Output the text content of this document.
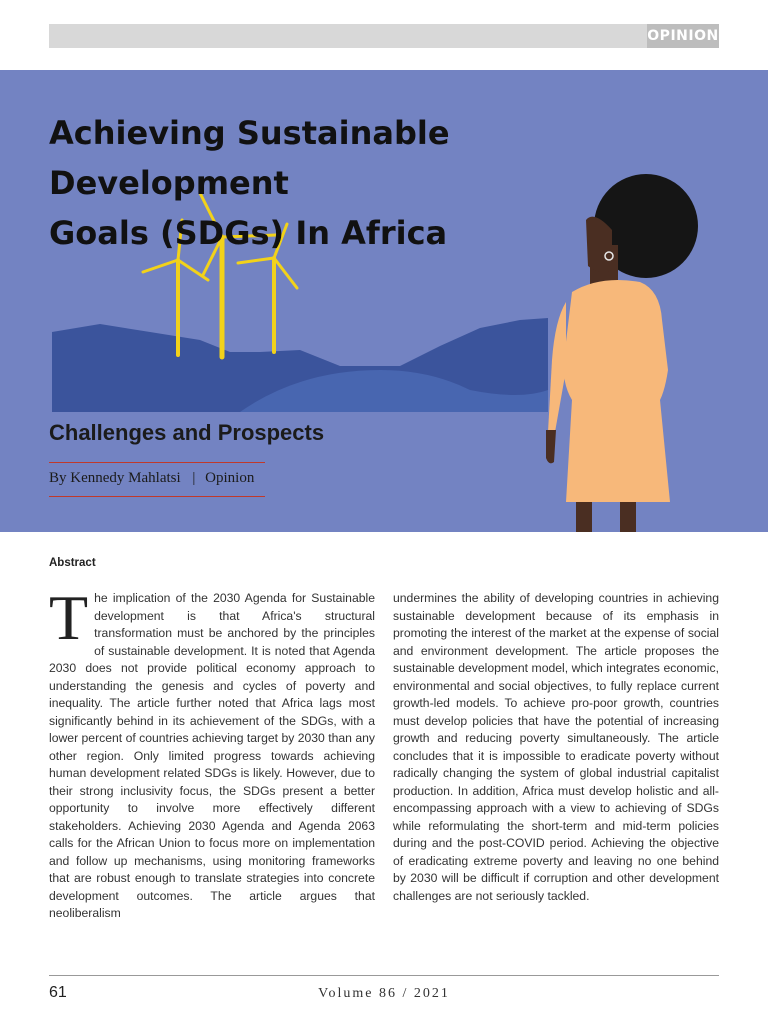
OPINION
Achieving Sustainable Development
Goals (SDGs) In Africa
Challenges and Prospects
By Kennedy Mahlatsi | Opinion
Abstract

The implication of the 2030 Agenda for Sustainable development is that Africa's structural transformation must be anchored by the principles of sustainable development. It is noted that Agenda 2030 does not provide political economy approach to understanding the genesis and cycles of poverty and inequality. The article further noted that Africa lags most significantly behind in its achievement of the SDGs, with a lower percent of countries achieving target by 2030 than any other region. Only limited progress towards achieving human development related SDGs is likely. However, due to their strong inclusivity focus, the SDGs present a better opportunity to involve more effectively different stakeholders. Achieving 2030 Agenda and Agenda 2063 calls for the African Union to focus more on implementation and follow up mechanisms, using monitoring frameworks that are robust enough to translate strategies into concrete development outcomes. The article argues that neoliberalism

undermines the ability of developing countries in achieving sustainable development because of its emphasis in promoting the interest of the market at the expense of social and environment development. The article proposes the sustainable development model, which integrates economic, environmental and social objectives, to fully replace current growth-led models. To achieve pro-poor growth, countries must develop policies that have the potential of increasing growth and reducing poverty simultaneously. The article concludes that it is impossible to eradicate poverty without radically changing the system of global industrial capitalist production. In addition, Africa must develop holistic and all-encompassing approach with a view to achieving of SDGs while reformulating the short-term and mid-term policies during and the post-COVID period. Achieving the objective of eradicating extreme poverty and leaving no one behind by 2030 will be difficult if corruption and other development challenges are not seriously tackled.

61	Volume 86 / 2021
